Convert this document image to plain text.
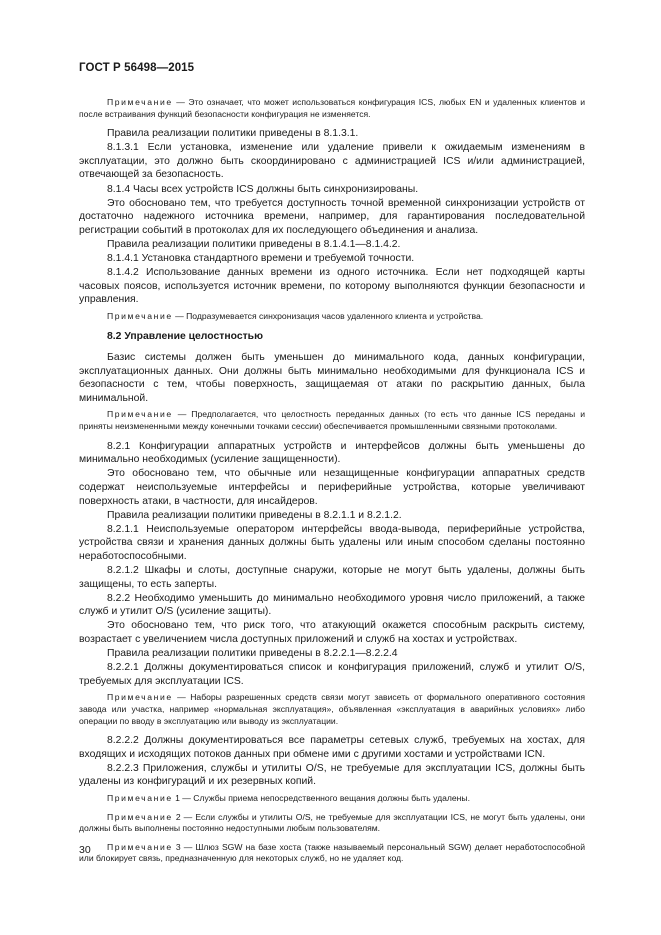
ГОСТ Р 56498—2015

Примечание — Это означает, что может использоваться конфигурация ICS, любых EN и удаленных клиентов и после встраивания функций безопасности конфигурация не изменяется.

Правила реализации политики приведены в 8.1.3.1.

8.1.3.1 Если установка, изменение или удаление привели к ожидаемым изменениям в эксплуатации, это должно быть скоординировано с администрацией ICS и/или администрацией, отвечающей за безопасность.

8.1.4 Часы всех устройств ICS должны быть синхронизированы.

Это обосновано тем, что требуется доступность точной временной синхронизации устройств от достаточно надежного источника времени, например, для гарантирования последовательной регистрации событий в протоколах для их последующего объединения и анализа.

Правила реализации политики приведены в 8.1.4.1—8.1.4.2.

8.1.4.1 Установка стандартного времени и требуемой точности.

8.1.4.2 Использование данных времени из одного источника. Если нет подходящей карты часовых поясов, используется источник времени, по которому выполняются функции безопасности и управления.

Примечание — Подразумевается синхронизация часов удаленного клиента и устройства.

8.2 Управление целостностью

Базис системы должен быть уменьшен до минимального кода, данных конфигурации, эксплуатационных данных. Они должны быть минимально необходимыми для функционала ICS и безопасности с тем, чтобы поверхность, защищаемая от атаки по раскрытию данных, была минимальной.

Примечание — Предполагается, что целостность переданных данных (то есть что данные ICS переданы и приняты неизмененными между конечными точками сессии) обеспечивается промышленными связными протоколами.

8.2.1 Конфигурации аппаратных устройств и интерфейсов должны быть уменьшены до минимально необходимых (усиление защищенности).

Это обосновано тем, что обычные или незащищенные конфигурации аппаратных средств содержат неиспользуемые интерфейсы и периферийные устройства, которые увеличивают поверхность атаки, в частности, для инсайдеров.

Правила реализации политики приведены в 8.2.1.1 и 8.2.1.2.

8.2.1.1 Неиспользуемые оператором интерфейсы ввода-вывода, периферийные устройства, устройства связи и хранения данных должны быть удалены или иным способом сделаны постоянно неработоспособными.

8.2.1.2 Шкафы и слоты, доступные снаружи, которые не могут быть удалены, должны быть защищены, то есть заперты.

8.2.2 Необходимо уменьшить до минимально необходимого уровня число приложений, а также служб и утилит O/S (усиление защиты).

Это обосновано тем, что риск того, что атакующий окажется способным раскрыть систему, возрастает с увеличением числа доступных приложений и служб на хостах и устройствах.

Правила реализации политики приведены в 8.2.2.1—8.2.2.4

8.2.2.1 Должны документироваться список и конфигурация приложений, служб и утилит O/S, требуемых для эксплуатации ICS.

Примечание — Наборы разрешенных средств связи могут зависеть от формального оперативного состояния завода или участка, например «нормальная эксплуатация», объявленная «эксплуатация в аварийных условиях» либо операции по вводу в эксплуатацию или выводу из эксплуатации.

8.2.2.2 Должны документироваться все параметры сетевых служб, требуемых на хостах, для входящих и исходящих потоков данных при обмене ими с другими хостами и устройствами ICN.

8.2.2.3 Приложения, службы и утилиты O/S, не требуемые для эксплуатации ICS, должны быть удалены из конфигураций и их резервных копий.

Примечание 1 — Службы приема непосредственного вещания должны быть удалены.

Примечание 2 — Если службы и утилиты O/S, не требуемые для эксплуатации ICS, не могут быть удалены, они должны быть выполнены постоянно недоступными любым пользователям.

Примечание 3 — Шлюз SGW на базе хоста (также называемый персональный SGW) делает неработоспособной или блокирует связь, предназначенную для некоторых служб, но не удаляет код.

30
